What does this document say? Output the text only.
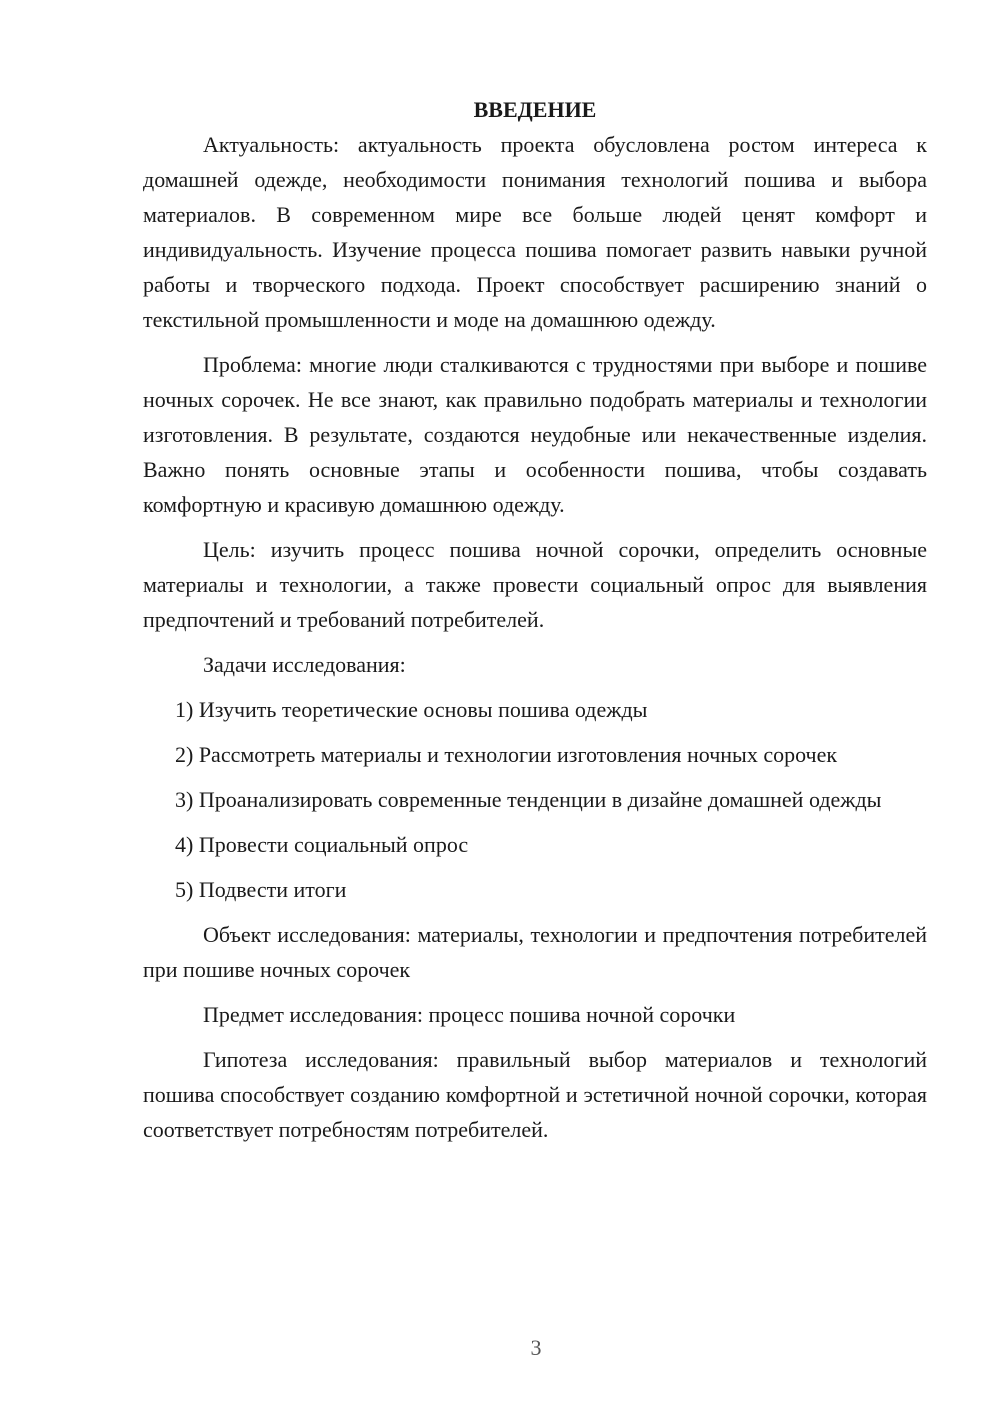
ВВЕДЕНИЕ

Актуальность: актуальность проекта обусловлена ростом интереса к домашней одежде, необходимости понимания технологий пошива и выбора материалов. В современном мире все больше людей ценят комфорт и индивидуальность. Изучение процесса пошива помогает развить навыки ручной работы и творческого подхода. Проект способствует расширению знаний о текстильной промышленности и моде на домашнюю одежду.

Проблема: многие люди сталкиваются с трудностями при выборе и пошиве ночных сорочек. Не все знают, как правильно подобрать материалы и технологии изготовления. В результате, создаются неудобные или некачественные изделия. Важно понять основные этапы и особенности пошива, чтобы создавать комфортную и красивую домашнюю одежду.

Цель: изучить процесс пошива ночной сорочки, определить основные материалы и технологии, а также провести социальный опрос для выявления предпочтений и требований потребителей.

Задачи исследования:

1) Изучить теоретические основы пошива одежды

2) Рассмотреть материалы и технологии изготовления ночных сорочек

3) Проанализировать современные тенденции в дизайне домашней одежды

4) Провести социальный опрос

5) Подвести итоги

Объект исследования: материалы, технологии и предпочтения потребителей при пошиве ночных сорочек

Предмет исследования: процесс пошива ночной сорочки

Гипотеза исследования: правильный выбор материалов и технологий пошива способствует созданию комфортной и эстетичной ночной сорочки, которая соответствует потребностям потребителей.

3
